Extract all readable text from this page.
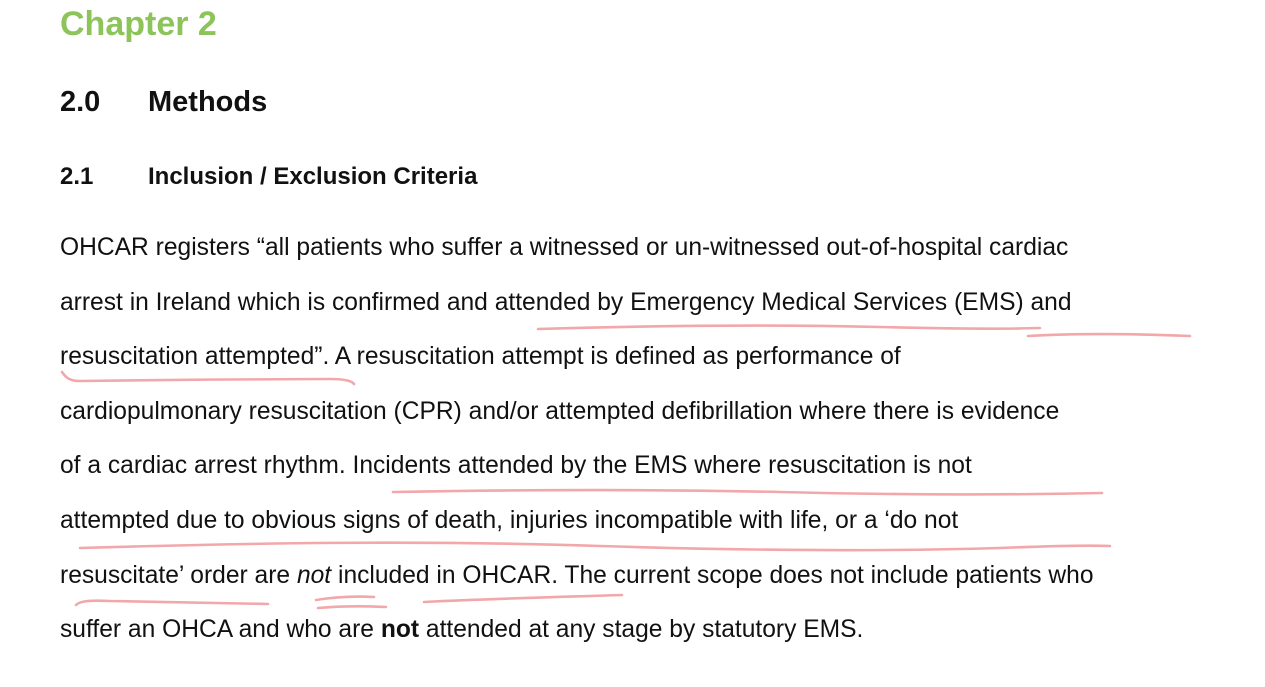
Chapter 2
2.0 Methods
2.1 Inclusion / Exclusion Criteria
OHCAR registers “all patients who suffer a witnessed or un-witnessed out-of-hospital cardiac
arrest in Ireland which is confirmed and attended by Emergency Medical Services (EMS) and
resuscitation attempted”. A resuscitation attempt is defined as performance of
cardiopulmonary resuscitation (CPR) and/or attempted defibrillation where there is evidence
of a cardiac arrest rhythm. Incidents attended by the EMS where resuscitation is not
attempted due to obvious signs of death, injuries incompatible with life, or a ‘do not
resuscitate’ order are not included in OHCAR. The current scope does not include patients who
suffer an OHCA and who are not attended at any stage by statutory EMS.
